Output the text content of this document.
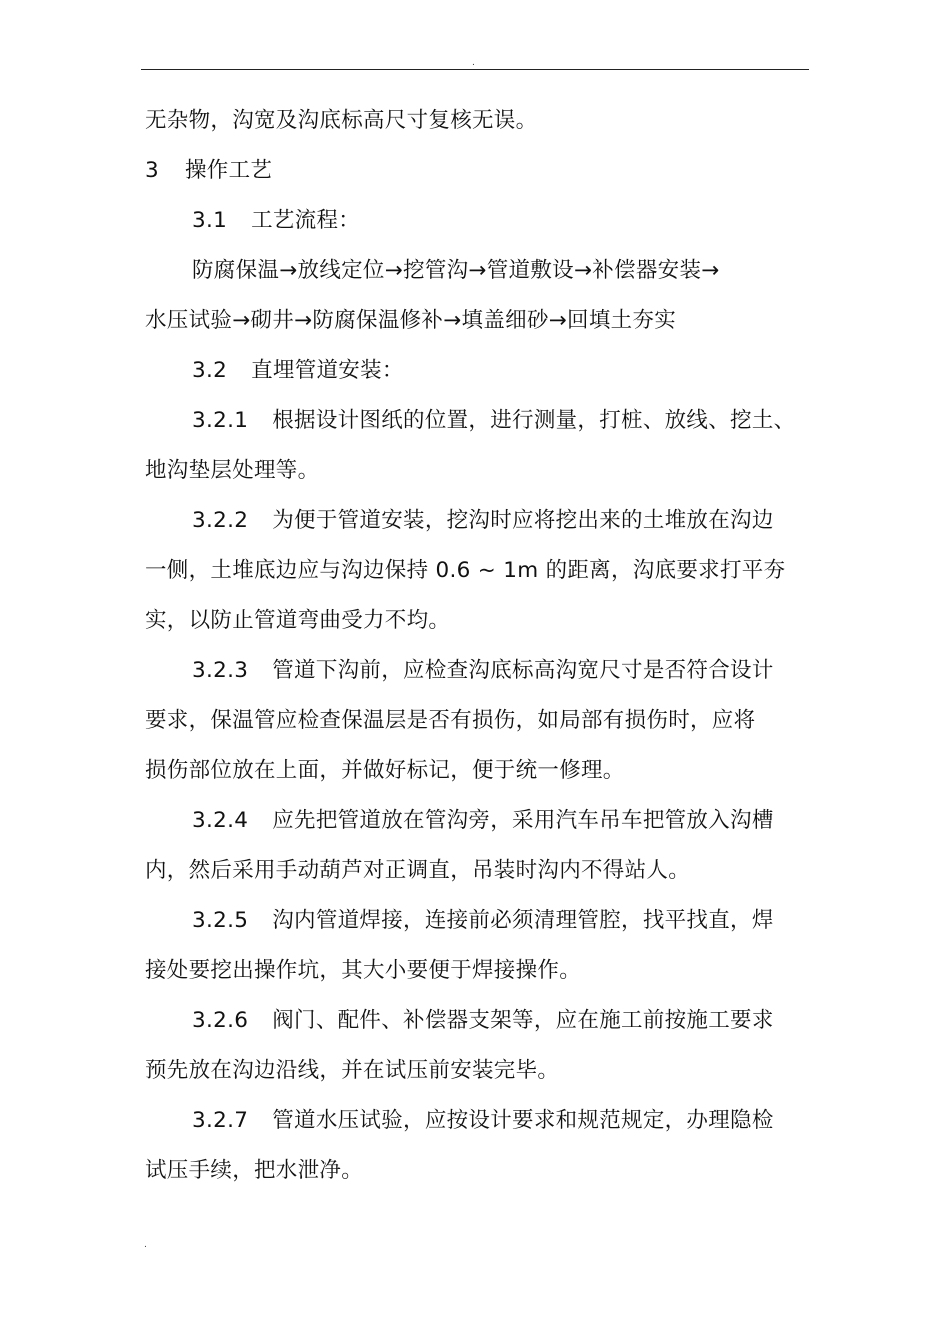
.
无杂物，沟宽及沟底标高尺寸复核无误。
3 操作工艺
3.1 工艺流程：
防腐保温→放线定位→挖管沟→管道敷设→补偿器安装→
水压试验→砌井→防腐保温修补→填盖细砂→回填土夯实
3.2 直埋管道安装：
3.2.1 根据设计图纸的位置，进行测量，打桩、放线、挖土、
地沟垫层处理等。
3.2.2 为便于管道安装，挖沟时应将挖出来的土堆放在沟边
一侧，土堆底边应与沟边保持 0.6 ~ 1m 的距离，沟底要求打平夯
实，以防止管道弯曲受力不均。
3.2.3 管道下沟前，应检查沟底标高沟宽尺寸是否符合设计
要求，保温管应检查保温层是否有损伤，如局部有损伤时，应将
损伤部位放在上面，并做好标记，便于统一修理。
3.2.4 应先把管道放在管沟旁，采用汽车吊车把管放入沟槽
内，然后采用手动葫芦对正调直，吊装时沟内不得站人。
3.2.5 沟内管道焊接，连接前必须清理管腔，找平找直，焊
接处要挖出操作坑，其大小要便于焊接操作。
3.2.6 阀门、配件、补偿器支架等，应在施工前按施工要求
预先放在沟边沿线，并在试压前安装完毕。
3.2.7 管道水压试验，应按设计要求和规范规定，办理隐检
试压手续，把水泄净。
.
